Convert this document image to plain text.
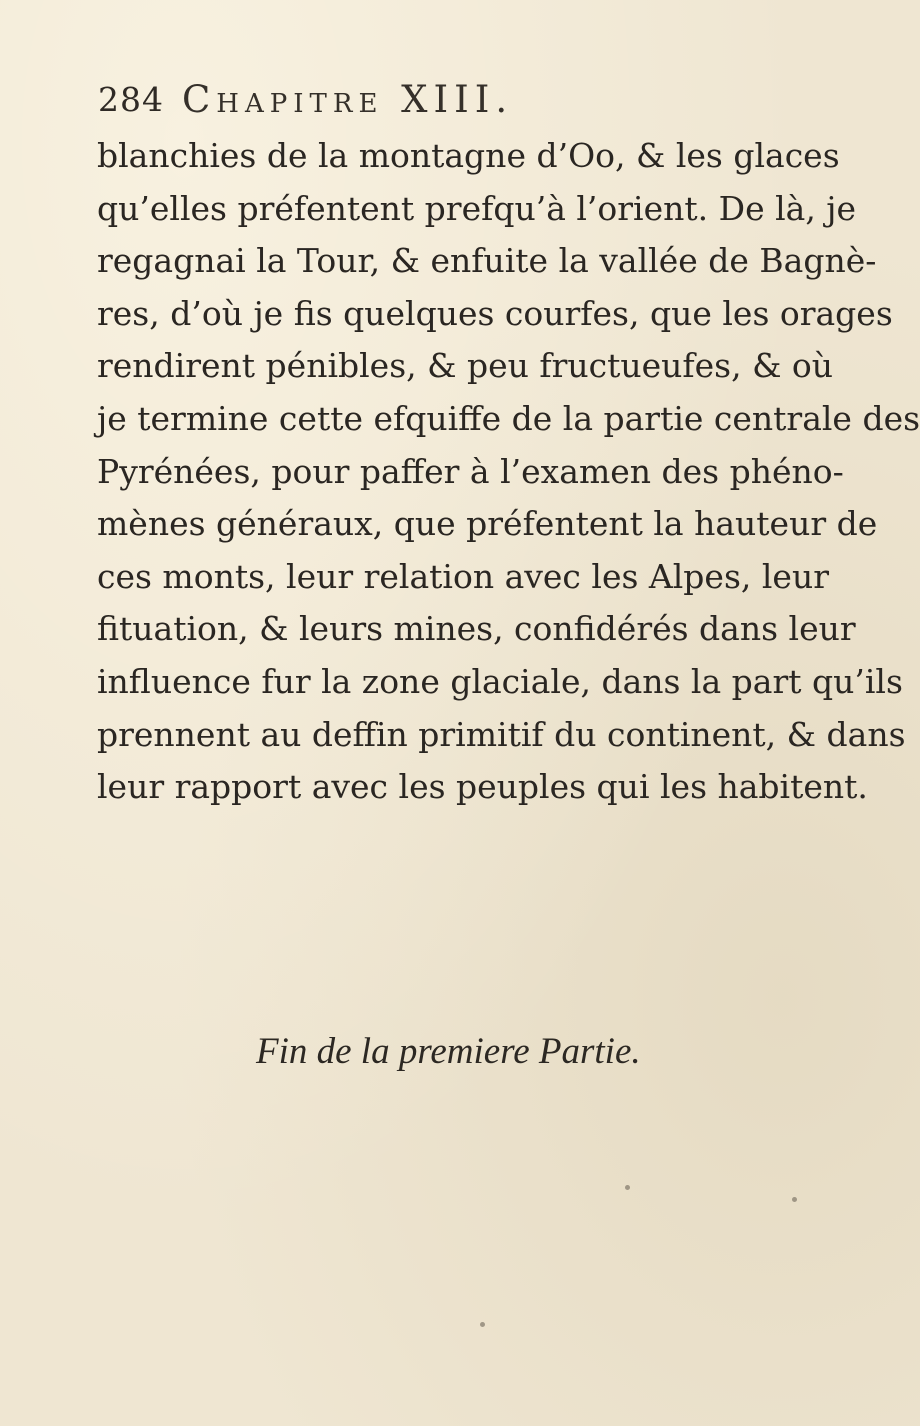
284 Chapitre XIII.
blanchies de la montagne d’Oo, & les glaces
qu’elles préfentent prefqu’à l’orient. De là, je
regagnai la Tour, & enfuite la vallée de Bagnè-
res, d’où je fis quelques courfes, que les orages
rendirent pénibles, & peu fructueufes, & où
je termine cette efquiffe de la partie centrale des
Pyrénées, pour paffer à l’examen des phéno-
mènes généraux, que préfentent la hauteur de
ces monts, leur relation avec les Alpes, leur
fituation, & leurs mines, confidérés dans leur
influence fur la zone glaciale, dans la part qu’ils
prennent au deffin primitif du continent, & dans
leur rapport avec les peuples qui les habitent.
Fin de la premiere Partie.
